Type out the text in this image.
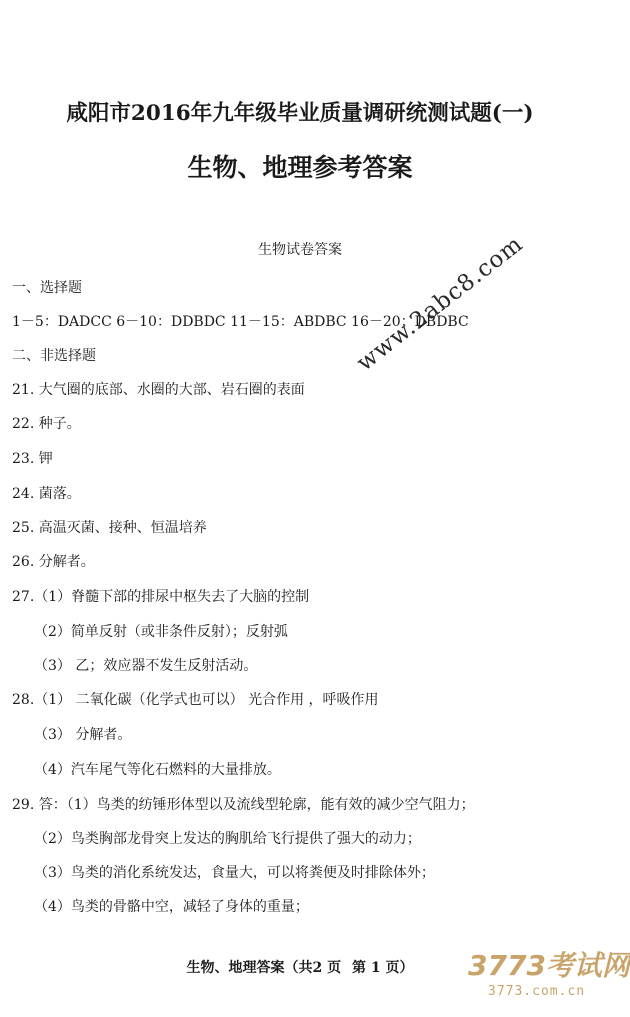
咸阳市2016年九年级毕业质量调研统测试题(一)
生物、地理参考答案
生物试卷答案
一、选择题
1－5：DADCC 6－10：DDBDC 11－15：ABDBC 16－20：DBDBC
二、非选择题
21. 大气圈的底部、水圈的大部、岩石圈的表面
22. 种子。
23. 钾
24. 菌落。
25. 高温灭菌、接种、恒温培养
26. 分解者。
27.（1）脊髓下部的排尿中枢失去了大脑的控制
（2）简单反射（或非条件反射）；反射弧
（3） 乙；效应器不发生反射活动。
28.（1） 二氧化碳（化学式也可以） 光合作用 ，呼吸作用
（3） 分解者。
（4）汽车尾气等化石燃料的大量排放。
29. 答：（1）鸟类的纺锤形体型以及流线型轮廓，能有效的减少空气阻力；
（2）鸟类胸部龙骨突上发达的胸肌给飞行提供了强大的动力；
（3）鸟类的消化系统发达，食量大，可以将粪便及时排除体外；
（4）鸟类的骨骼中空，减轻了身体的重量；
生物、地理答案（共2 页 第 1 页）
www.2abc8.com
3773考试网
3773.com.cn
